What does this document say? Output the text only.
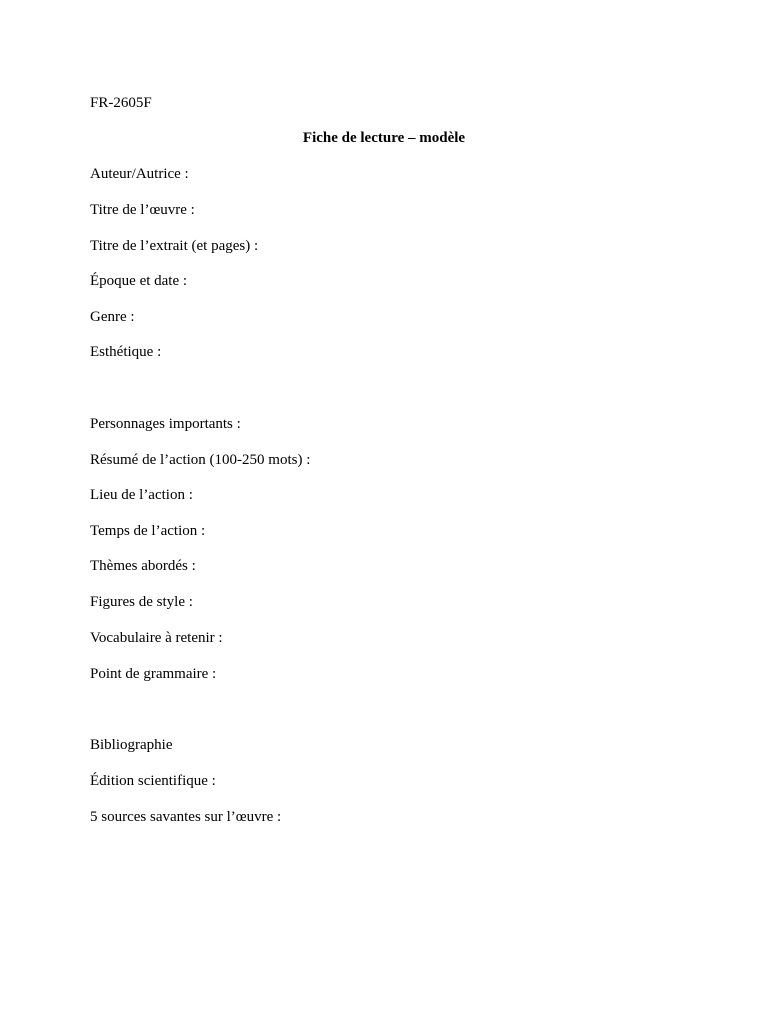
FR-2605F
Fiche de lecture – modèle
Auteur/Autrice :
Titre de l’œuvre :
Titre de l’extrait (et pages) :
Époque et date :
Genre :
Esthétique :
Personnages importants :
Résumé de l’action (100-250 mots) :
Lieu de l’action :
Temps de l’action :
Thèmes abordés :
Figures de style :
Vocabulaire à retenir :
Point de grammaire :
Bibliographie
Édition scientifique :
5 sources savantes sur l’œuvre :
